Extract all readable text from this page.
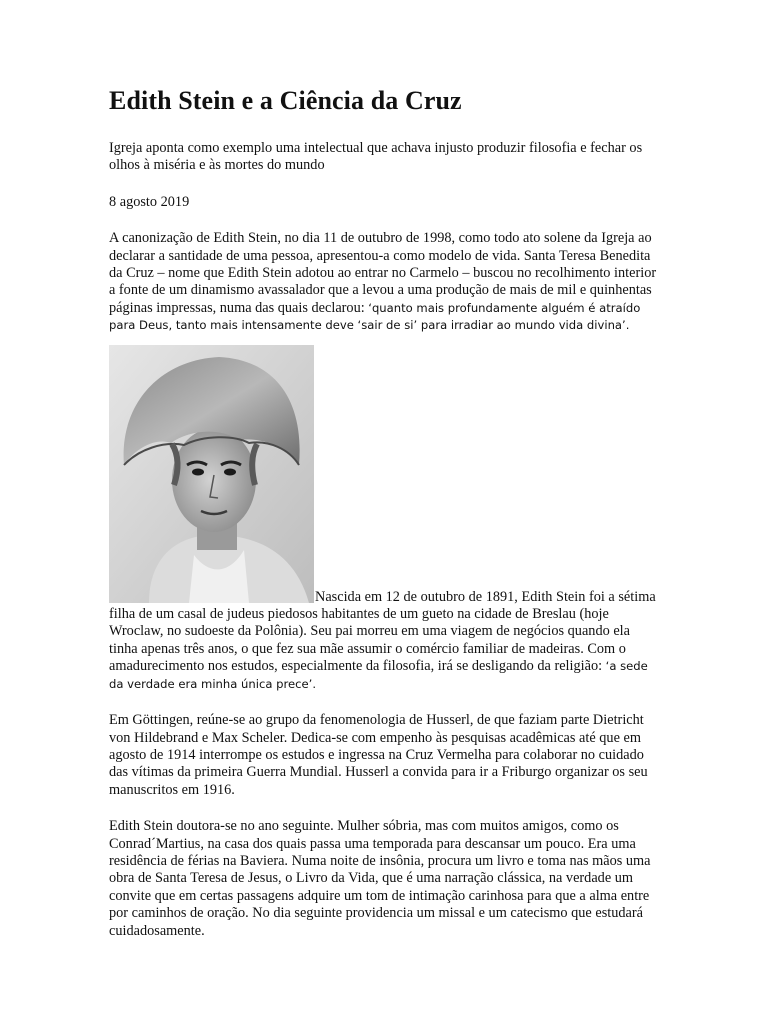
Edith Stein e a Ciência da Cruz

Igreja aponta como exemplo uma intelectual que achava injusto produzir filosofia e fechar os olhos à miséria e às mortes do mundo

8 agosto 2019

A canonização de Edith Stein, no dia 11 de outubro de 1998, como todo ato solene da Igreja ao declarar a santidade de uma pessoa, apresentou-a como modelo de vida. Santa Teresa Benedita da Cruz – nome que Edith Stein adotou ao entrar no Carmelo – buscou no recolhimento interior a fonte de um dinamismo avassalador que a levou a uma produção de mais de mil e quinhentas páginas impressas, numa das quais declarou: ‘quanto mais profundamente alguém é atraído para Deus, tanto mais intensamente deve ‘sair de si’ para irradiar ao mundo vida divina’.

Nascida em 12 de outubro de 1891, Edith Stein foi a sétima filha de um casal de judeus piedosos habitantes de um gueto na cidade de Breslau (hoje Wroclaw, no sudoeste da Polônia). Seu pai morreu em uma viagem de negócios quando ela tinha apenas três anos, o que fez sua mãe assumir o comércio familiar de madeiras. Com o amadurecimento nos estudos, especialmente da filosofia, irá se desligando da religião: ‘a sede da verdade era minha única prece’.

Em Göttingen, reúne-se ao grupo da fenomenologia de Husserl, de que faziam parte Dietricht von Hildebrand e Max Scheler. Dedica-se com empenho às pesquisas acadêmicas até que em agosto de 1914 interrompe os estudos e ingressa na Cruz Vermelha para colaborar no cuidado das vítimas da primeira Guerra Mundial. Husserl a convida para ir a Friburgo organizar os seu manuscritos em 1916.

Edith Stein doutora-se no ano seguinte. Mulher sóbria, mas com muitos amigos, como os Conrad´Martius, na casa dos quais passa uma temporada para descansar um pouco. Era uma residência de férias na Baviera. Numa noite de insônia, procura um livro e toma nas mãos uma obra de Santa Teresa de Jesus, o Livro da Vida, que é uma narração clássica, na verdade um convite que em certas passagens adquire um tom de intimação carinhosa para que a alma entre por caminhos de oração. No dia seguinte providencia um missal e um catecismo que estudará cuidadosamente.
